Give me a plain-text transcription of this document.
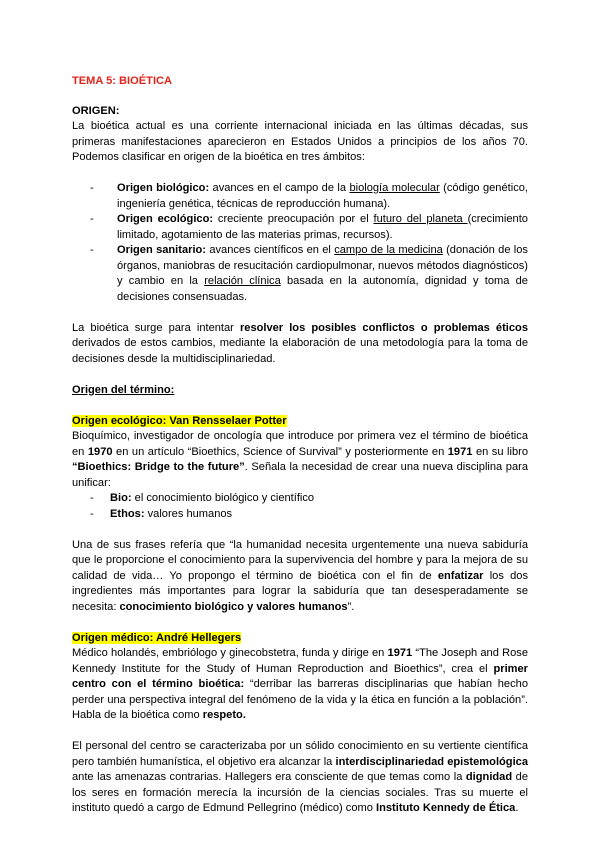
TEMA 5: BIOÉTICA
ORIGEN:

La bioética actual es una corriente internacional iniciada en las últimas décadas, sus primeras manifestaciones aparecieron en Estados Unidos a principios de los años 70. Podemos clasificar en origen de la bioética en tres ámbitos:

- Origen biológico: avances en el campo de la biología molecular (código genético, ingeniería genética, técnicas de reproducción humana).
- Origen ecológico: creciente preocupación por el futuro del planeta (crecimiento limitado, agotamiento de las materias primas, recursos).
- Origen sanitario: avances científicos en el campo de la medicina (donación de los órganos, maniobras de resucitación cardiopulmonar, nuevos métodos diagnósticos) y cambio en la relación clínica basada en la autonomía, dignidad y toma de decisiones consensuadas.

La bioética surge para intentar resolver los posibles conflictos o problemas éticos derivados de estos cambios, mediante la elaboración de una metodología para la toma de decisiones desde la multidisciplinariedad.

Origen del término:
Origen ecológico: Van Rensselaer Potter

Bioquímico, investigador de oncología que introduce por primera vez el término de bioética en 1970 en un artículo “Bioethics, Science of Survival” y posteriormente en 1971 en su libro “Bioethics: Bridge to the future”. Señala la necesidad de crear una nueva disciplina para unificar:

- Bio: el conocimiento biológico y científico
- Ethos: valores humanos

Una de sus frases refería que “la humanidad necesita urgentemente una nueva sabiduría que le proporcione el conocimiento para la supervivencia del hombre y para la mejora de su calidad de vida… Yo propongo el término de bioética con el fin de enfatizar los dos ingredientes más importantes para lograr la sabiduría que tan desesperadamente se necesita: conocimiento biológico y valores humanos”.

Origen médico: André Hellegers

Médico holandés, embriólogo y ginecobstetra, funda y dirige en 1971 “The Joseph and Rose Kennedy Institute for the Study of Human Reproduction and Bioethics”, crea el primer centro con el término bioética: “derribar las barreras disciplinarias que habían hecho perder una perspectiva integral del fenómeno de la vida y la ética en función a la población”. Habla de la bioética como respeto.

El personal del centro se caracterizaba por un sólido conocimiento en su vertiente científica pero también humanística, el objetivo era alcanzar la interdisciplinariedad epistemológica ante las amenazas contrarias. Hallegers era consciente de que temas como la dignidad de los seres en formación merecía la incursión de la ciencias sociales. Tras su muerte el instituto quedó a cargo de Edmund Pellegrino (médico) como Instituto Kennedy de Ética.
